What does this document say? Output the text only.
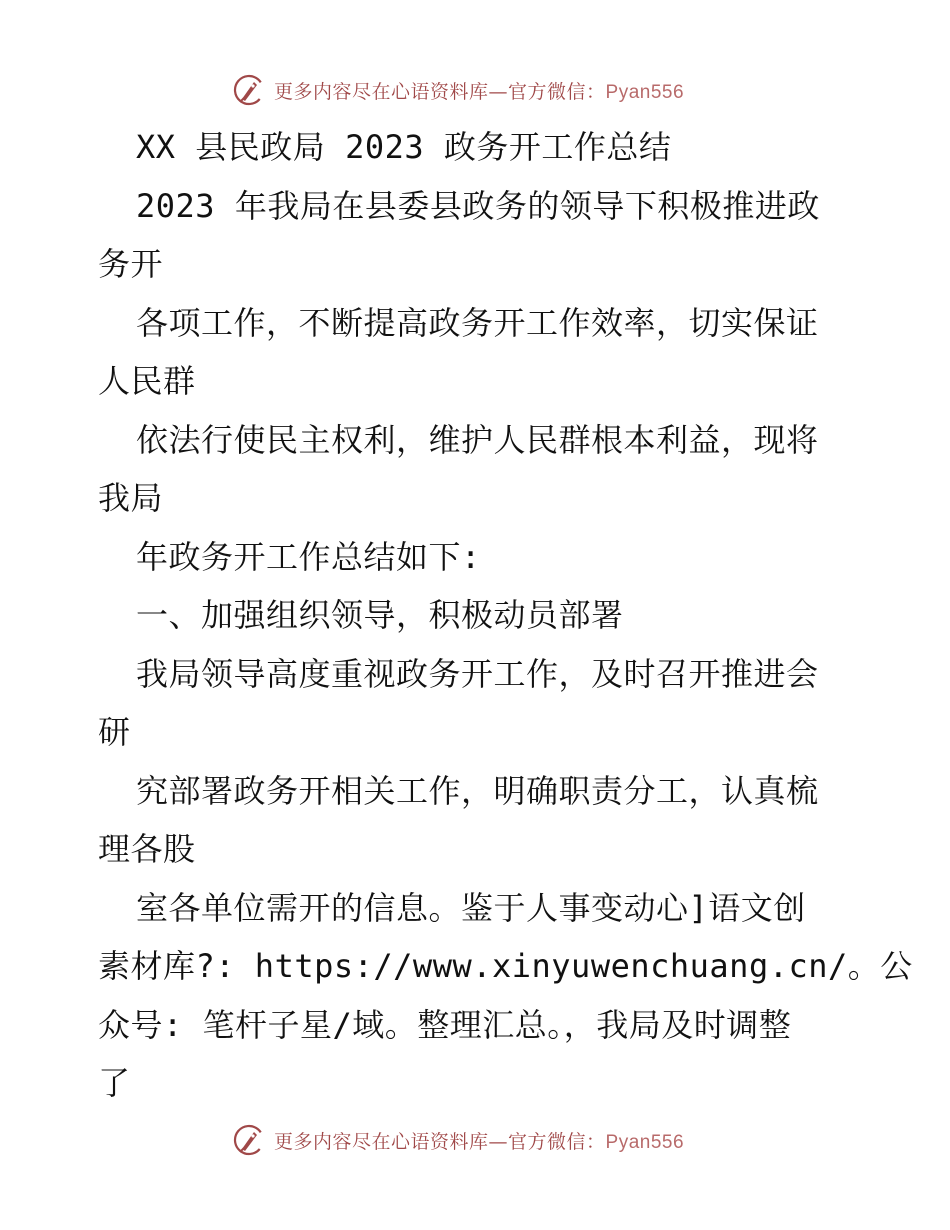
更多内容尽在心语资料库—官方微信：Pyan556
XX 县民政局 2023 政务开工作总结
2023 年我局在县委县政务的领导下积极推进政
务开
各项工作，不断提高政务开工作效率，切实保证
人民群
依法行使民主权利，维护人民群根本利益，现将
我局
年政务开工作总结如下:
一、加强组织领导，积极动员部署
我局领导高度重视政务开工作，及时召开推进会
研
究部署政务开相关工作，明确职责分工，认真梳
理各股
室各单位需开的信息。鉴于人事变动心]语文创
素材库?: https://www.xinyuwenchuang.cn/。公
众号: 笔杆子星/域。整理汇总。，我局及时调整
了
更多内容尽在心语资料库—官方微信：Pyan556
